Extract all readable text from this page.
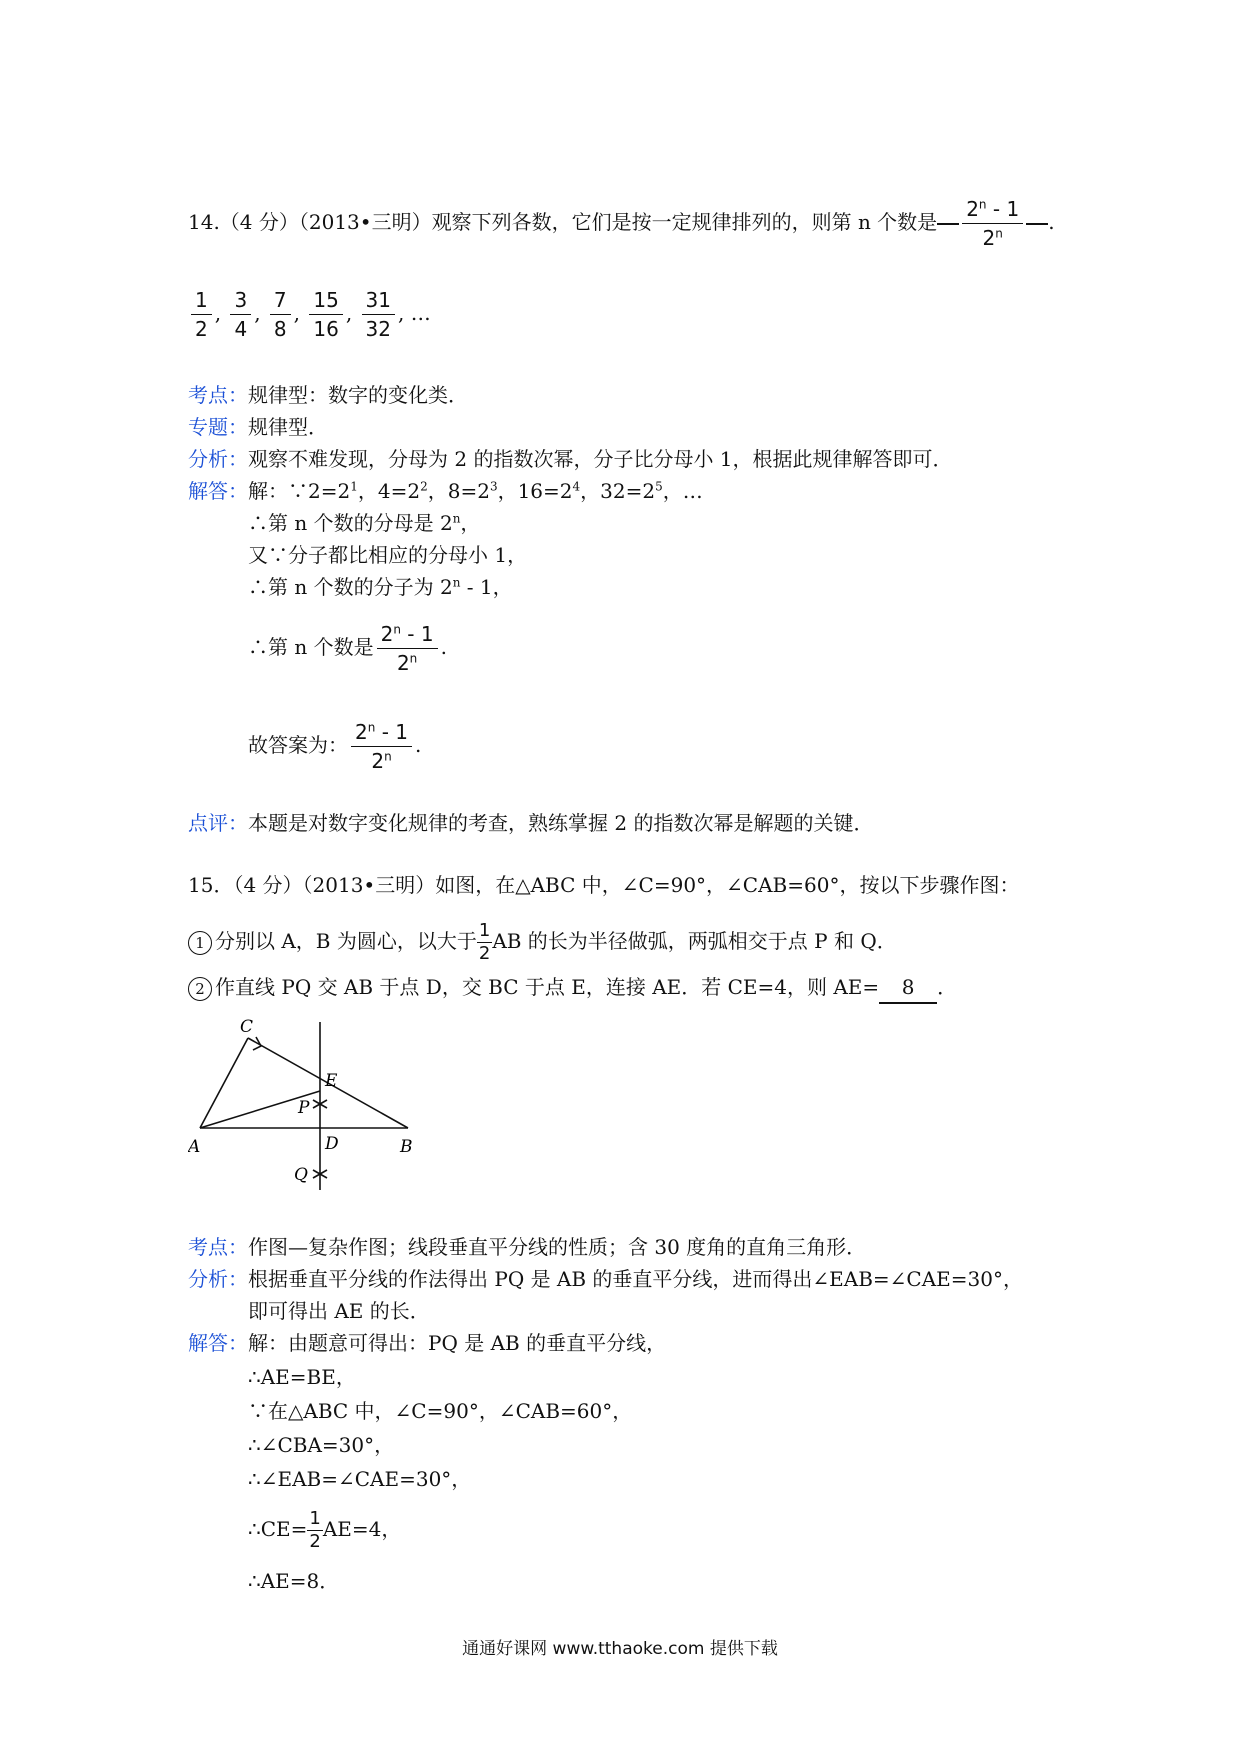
14.（4 分）（2013•三明）观察下列各数，它们是按一定规律排列的，则第 n 个数是 $\frac{2^n - 1}{2^n}$ .
$\frac{1}{2}$ , $\frac{3}{4}$ , $\frac{7}{8}$ , $\frac{15}{16}$ , $\frac{31}{32}$ , …
考点：规律型：数字的变化类．
专题：规律型．
分析：观察不难发现，分母为 2 的指数次幂，分子比分母小 1，根据此规律解答即可．
解答：解：$\because 2=2^1$，$4=2^2$，$8=2^3$，$16=2^4$，$32=2^5$，…
∴第 n 个数的分母是 2$^n$，
又∵分子都比相应的分母小 1，
∴第 n 个数的分子为 2$^n$ - 1，
∴第 n 个数是 $\frac{2^n - 1}{2^n}$ .
故答案为： $\frac{2^n - 1}{2^n}$ .
点评：本题是对数字变化规律的考查，熟练掌握 2 的指数次幂是解题的关键．
15．（4 分）（2013•三明）如图，在△ABC 中，∠C=90°，∠CAB=60°，按以下步骤作图：
1 分别以 A，B 为圆心，以大于 $\frac{1}{2}$ AB 的长为半径做弧，两弧相交于点 P 和 Q．
2 作直线 PQ 交 AB 于点 D，交 BC 于点 E，连接 AE．若 CE=4，则 AE= 8 ．
C
E
P
A	D	B
Q
考点：作图—复杂作图；线段垂直平分线的性质；含 30 度角的直角三角形．
分析：根据垂直平分线的作法得出 PQ 是 AB 的垂直平分线，进而得出∠EAB=∠CAE=30°，
即可得出 AE 的长．
解答：解：由题意可得出：PQ 是 AB 的垂直平分线，
∴AE=BE，
∵在△ABC 中，∠C=90°，∠CAB=60°，
∴∠CBA=30°，
∴∠EAB=∠CAE=30°，
∴CE= $\frac{1}{2} AE=4$，
∴AE=8．
通通好课网 www.tthaoke.com 提供下载
